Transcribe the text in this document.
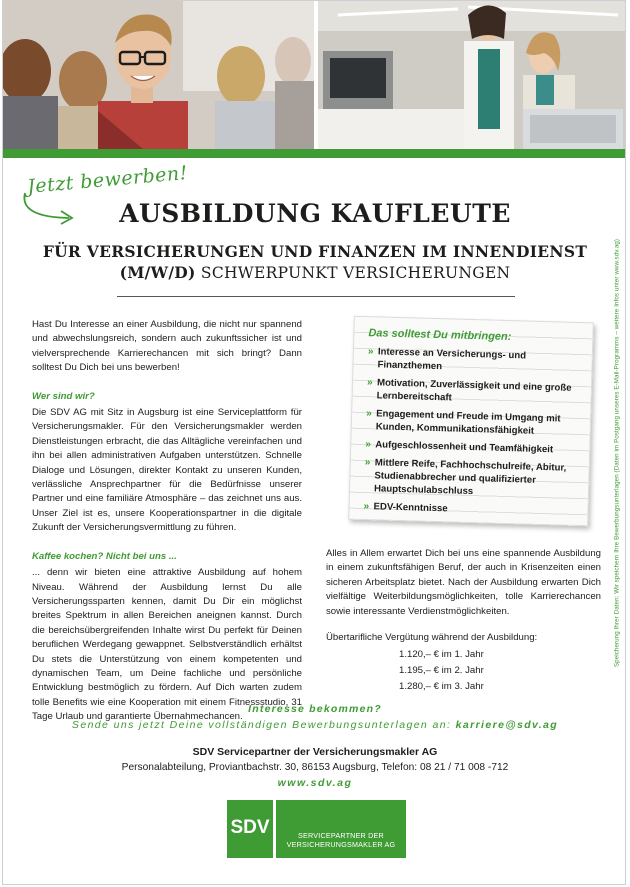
Jetzt bewerben!
AUSBILDUNG KAUFLEUTE
FÜR VERSICHERUNGEN UND FINANZEN IM INNENDIENST
(M/W/D) SCHWERPUNKT VERSICHERUNGEN

Hast Du Interesse an einer Ausbildung, die nicht nur spannend und abwechslungsreich, sondern auch zukunftssicher ist und vielversprechende Karrierechancen mit sich bringt? Dann solltest Du Dich bei uns bewerben!

Wer sind wir?

Die SDV AG mit Sitz in Augsburg ist eine Serviceplattform für Versicherungsmakler. Für den Versicherungsmakler werden Dienstleistungen erbracht, die das Alltägliche vereinfachen und ihn bei allen administrativen Aufgaben unterstützen. Schnelle Dialoge und Lösungen, direkter Kontakt zu unseren Kunden, verlässliche Ansprechpartner für die Bedürfnisse unserer Partner und eine familiäre Atmosphäre – das zeichnet uns aus. Unser Ziel ist es, unsere Kooperationspartner in die digitale Zukunft der Versicherungsvermittlung zu führen.

Kaffee kochen? Nicht bei uns ...

... denn wir bieten eine attraktive Ausbildung auf hohem Niveau. Während der Ausbildung lernst Du alle Versicherungssparten kennen, damit Du Dir ein möglichst breites Spektrum in allen Bereichen aneignen kannst. Durch die bereichsübergreifenden Inhalte wirst Du perfekt für Deinen beruflichen Werdegang gewappnet. Selbstverständlich erhältst Du stets die Unterstützung von einem kompetenten und dynamischen Team, um Deine fachliche und persönliche Entwicklung bestmöglich zu fördern. Auf Dich warten zudem tolle Benefits wie eine Kooperation mit einem Fitnessstudio, 31 Tage Urlaub und garantierte Übernahmechancen.

Das solltest Du mitbringen:
» Interesse an Versicherungs- und Finanzthemen
» Motivation, Zuverlässigkeit und eine große Lernbereitschaft
» Engagement und Freude im Umgang mit Kunden, Kommunikationsfähigkeit
» Aufgeschlossenheit und Teamfähigkeit
» Mittlere Reife, Fachhochschulreife, Abitur, Studienabbrecher und qualifizierter Hauptschulabschluss
» EDV-Kenntnisse

Alles in Allem erwartet Dich bei uns eine spannende Ausbildung in einem zukunftsfähigen Beruf, der auch in Krisenzeiten einen sicheren Arbeitsplatz bietet. Nach der Ausbildung erwarten Dich vielfältige Weiterbildungsmöglichkeiten, tolle Karrierechancen sowie interessante Verdienstmöglichkeiten.

Übertarifliche Vergütung während der Ausbildung:

1.120,– € im 1. Jahr
1.195,– € im 2. Jahr
1.280,– € im 3. Jahr
Speicherung Ihrer Daten: Wir speichern Ihre Bewerbungsunterlagen (Daten im Postgang unseres E-Mail-Programms – weitere Infos unter www.sdv.ag)
Interesse bekommen?
Sende uns jetzt Deine vollständigen Bewerbungsunterlagen an: karriere@sdv.ag
SDV Servicepartner der Versicherungsmakler AG
Personalabteilung, Proviantbachstr. 30, 86153 Augsburg, Telefon: 08 21 / 71 008 -712
www.sdv.ag
SDV	SERVICEPARTNER DER
VERSICHERUNGSMAKLER AG
